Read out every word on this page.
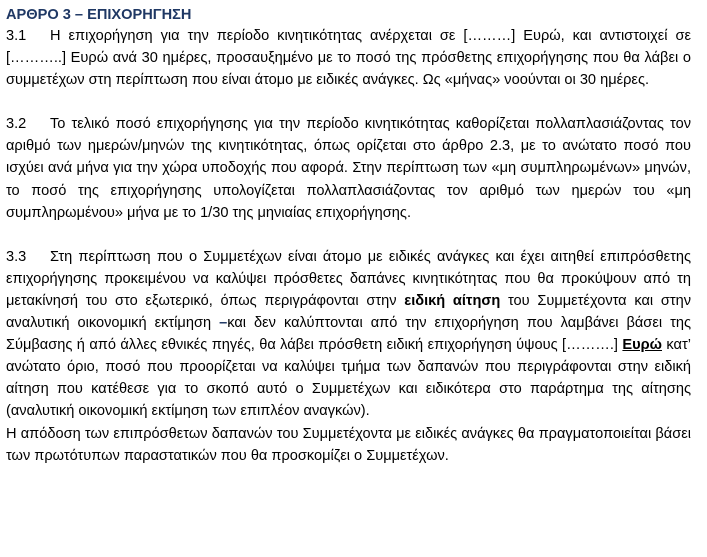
ΑΡΘΡΟ 3 – ΕΠΙΧΟΡΗΓΗΣΗ

3.1 Η επιχορήγηση για την περίοδο κινητικότητας ανέρχεται σε [………] Ευρώ, και αντιστοιχεί σε [………..] Ευρώ ανά 30 ημέρες, προσαυξημένο με το ποσό της πρόσθετης επιχορήγησης που θα λάβει ο συμμετέχων στη περίπτωση που είναι άτομο με ειδικές ανάγκες. Ως «μήνας» νοούνται οι 30 ημέρες.

3.2 Το τελικό ποσό επιχορήγησης για την περίοδο κινητικότητας καθορίζεται πολλαπλασιάζοντας τον αριθμό των ημερών/μηνών της κινητικότητας, όπως ορίζεται στο άρθρο 2.3, με το ανώτατο ποσό που ισχύει ανά μήνα για την χώρα υποδοχής που αφορά. Στην περίπτωση των «μη συμπληρωμένων» μηνών, το ποσό της επιχορήγησης υπολογίζεται πολλαπλασιάζοντας τον αριθμό των ημερών του «μη συμπληρωμένου» μήνα με το 1/30 της μηνιαίας επιχορήγησης.

3.3 Στη περίπτωση που ο Συμμετέχων είναι άτομο με ειδικές ανάγκες και έχει αιτηθεί επιπρόσθετης επιχορήγησης προκειμένου να καλύψει πρόσθετες δαπάνες κινητικότητας που θα προκύψουν από τη μετακίνησή του στο εξωτερικό, όπως περιγράφονται στην ειδική αίτηση του Συμμετέχοντα και στην αναλυτική οικονομική εκτίμηση –και δεν καλύπτονται από την επιχορήγηση που λαμβάνει βάσει της Σύμβασης ή από άλλες εθνικές πηγές, θα λάβει πρόσθετη ειδική επιχορήγηση ύψους [……….] Ευρώ κατ’ ανώτατο όριο, ποσό που προορίζεται να καλύψει τμήμα των δαπανών που περιγράφονται στην ειδική αίτηση που κατέθεσε για το σκοπό αυτό ο Συμμετέχων και ειδικότερα στο παράρτημα της αίτησης (αναλυτική οικονομική εκτίμηση των επιπλέον αναγκών).

Η απόδοση των επιπρόσθετων δαπανών του Συμμετέχοντα με ειδικές ανάγκες θα πραγματοποιείται βάσει των πρωτότυπων παραστατικών που θα προσκομίζει ο Συμμετέχων.
